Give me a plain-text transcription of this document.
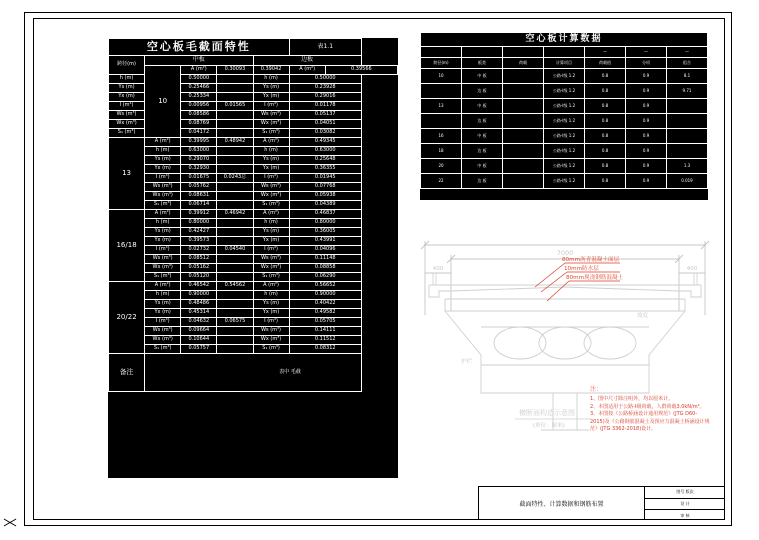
空心板毛截面特性					表1.1	
跨径(m)	中板			边板		
	10	A (m²)	0.30093	0.39042	A (m²)	0.39566
h (m)		0.50000		h (m)	0.50000	
Ys (m)		0.25466		Ys (m)	0.23928	
Yx (m)		0.25334		Yx (m)	0.29016	
I (m⁴)		0.00956	0.01565	I (m⁴)	0.01178	
Ws (m³)		0.08586		Ws (m³)	0.05137	
Wx (m³)		0.08769		Wx (m³)	0.04051	
S₁ (m³)		0.04172		S₁ (m³)	0.03082	
13	A (m²)	0.39995	0.48942	A (m²)	0.49345	
	h (m)	0.63000		h (m)	0.63000	
	Ys (m)	0.29070		Ys (m)	0.25648	
	Yx (m)	0.32930		Yx (m)	0.36355	
	I (m⁴)	0.01675	0.0243总	I (m⁴)	0.01945	
	Ws (m³)	0.05762		Ws (m³)	0.07768	
	Wx (m³)	0.08631		Wx (m³)	0.05938	
	S₁ (m³)	0.06714		S₁ (m³)	0.04389	
16/18	A (m²)	0.39912	0.46942	A (m²)	0.46837	
	h (m)	0.80000		h (m)	0.80000	
	Ys (m)	0.42427		Ys (m)	0.36005	
	Yx (m)	0.39573		Yx (m)	0.43991	
	I (m⁴)	0.02732	0.04540	I (m⁴)	0.04096	
	Ws (m³)	0.08512		Ws (m³)	0.11148	
	Wx (m³)	0.05162		Wx (m³)	0.08858	
	S₁ (m³)	0.05120		S₁ (m³)	0.06290	
20/22	A (m²)	0.46542	0.54562	A (m²)	0.56652	
	h (m)	0.90000		h (m)	0.90000	
	Ys (m)	0.48486		Ys (m)	0.40422	
	Yx (m)	0.45314		Yx (m)	0.49582	
	I (m⁴)	0.04632	0.06575	I (m⁴)	0.05705	
	Ws (m³)	0.09664		Ws (m³)	0.14111	
	Wx (m³)	0.10644		Wx (m³)	0.11512	
	S₁ (m³)	0.05757		S₁ (m³)	0.08312	
备注	表中 毛截					
空心板计算数据						
				—	—	—
跨径(m)	板类	荷载	计算项目	荷载值	分项	组合
10	中 板		公路-Ⅰ级 1.2	0.8	0.9	8.1
	边 板		公路-Ⅰ级 1.2	0.8	0.9	9.71
13	中 板		公路-Ⅰ级 1.2	0.8	0.9	
	边 板		公路-Ⅰ级 1.2	0.8	0.9	
16	中 板		公路-Ⅰ级 1.2	0.8	0.9	
18	边 板		公路-Ⅰ级 1.2	0.8	0.9	
20	中 板		公路-Ⅰ级 1.2	0.8	0.9	1.3
22	边 板		公路-Ⅰ级 1.2	0.8	0.9	0.019
7000
400	400
80mm沥青混凝土面层
10mm防水层
80mm现浇钢筋混凝土
坡度
护栏
横断面构造示意图
(单位：厘米)
注：
1、图中尺寸除注明外，均以厘米计。
2、本图适用于公路-Ⅰ级荷载，人群荷载3.0kN/m²。
3、本图按《公路桥涵设计通用规范》(JTG D60-2015)及《公路钢筋混凝土及预应力混凝土桥涵设计规范》(JTG 3362-2018)设计。
截面特性、计算数据和钢筋布置
图号 版次
设 计
审 核
